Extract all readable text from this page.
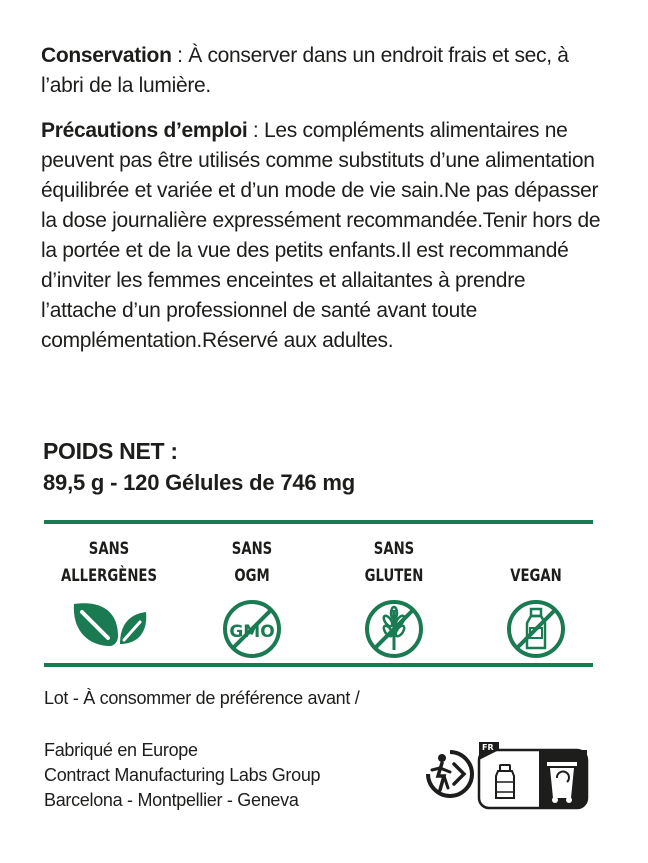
Conservation : À conserver dans un endroit frais et sec, à l’abri de la lumière.
Précautions d’emploi : Les compléments alimentaires ne peuvent pas être utilisés comme substituts d’une alimentation équilibrée et variée et d’un mode de vie sain.Ne pas dépasser la dose journalière expressément recommandée.Tenir hors de la portée et de la vue des petits enfants.Il est recommandé d’inviter les femmes enceintes et allaitantes à prendre l’attache d’un professionnel de santé avant toute complémentation.Réservé aux adultes.
POIDS NET :
89,5 g - 120 Gélules de 746 mg
SANS
ALLERGÈNES
SANS
OGM
GMO
SANS
GLUTEN	VEGAN
Lot - À consommer de préférence avant /
Fabriqué en Europe
Contract Manufacturing Labs Group
Barcelona - Montpellier - Geneva
FR
